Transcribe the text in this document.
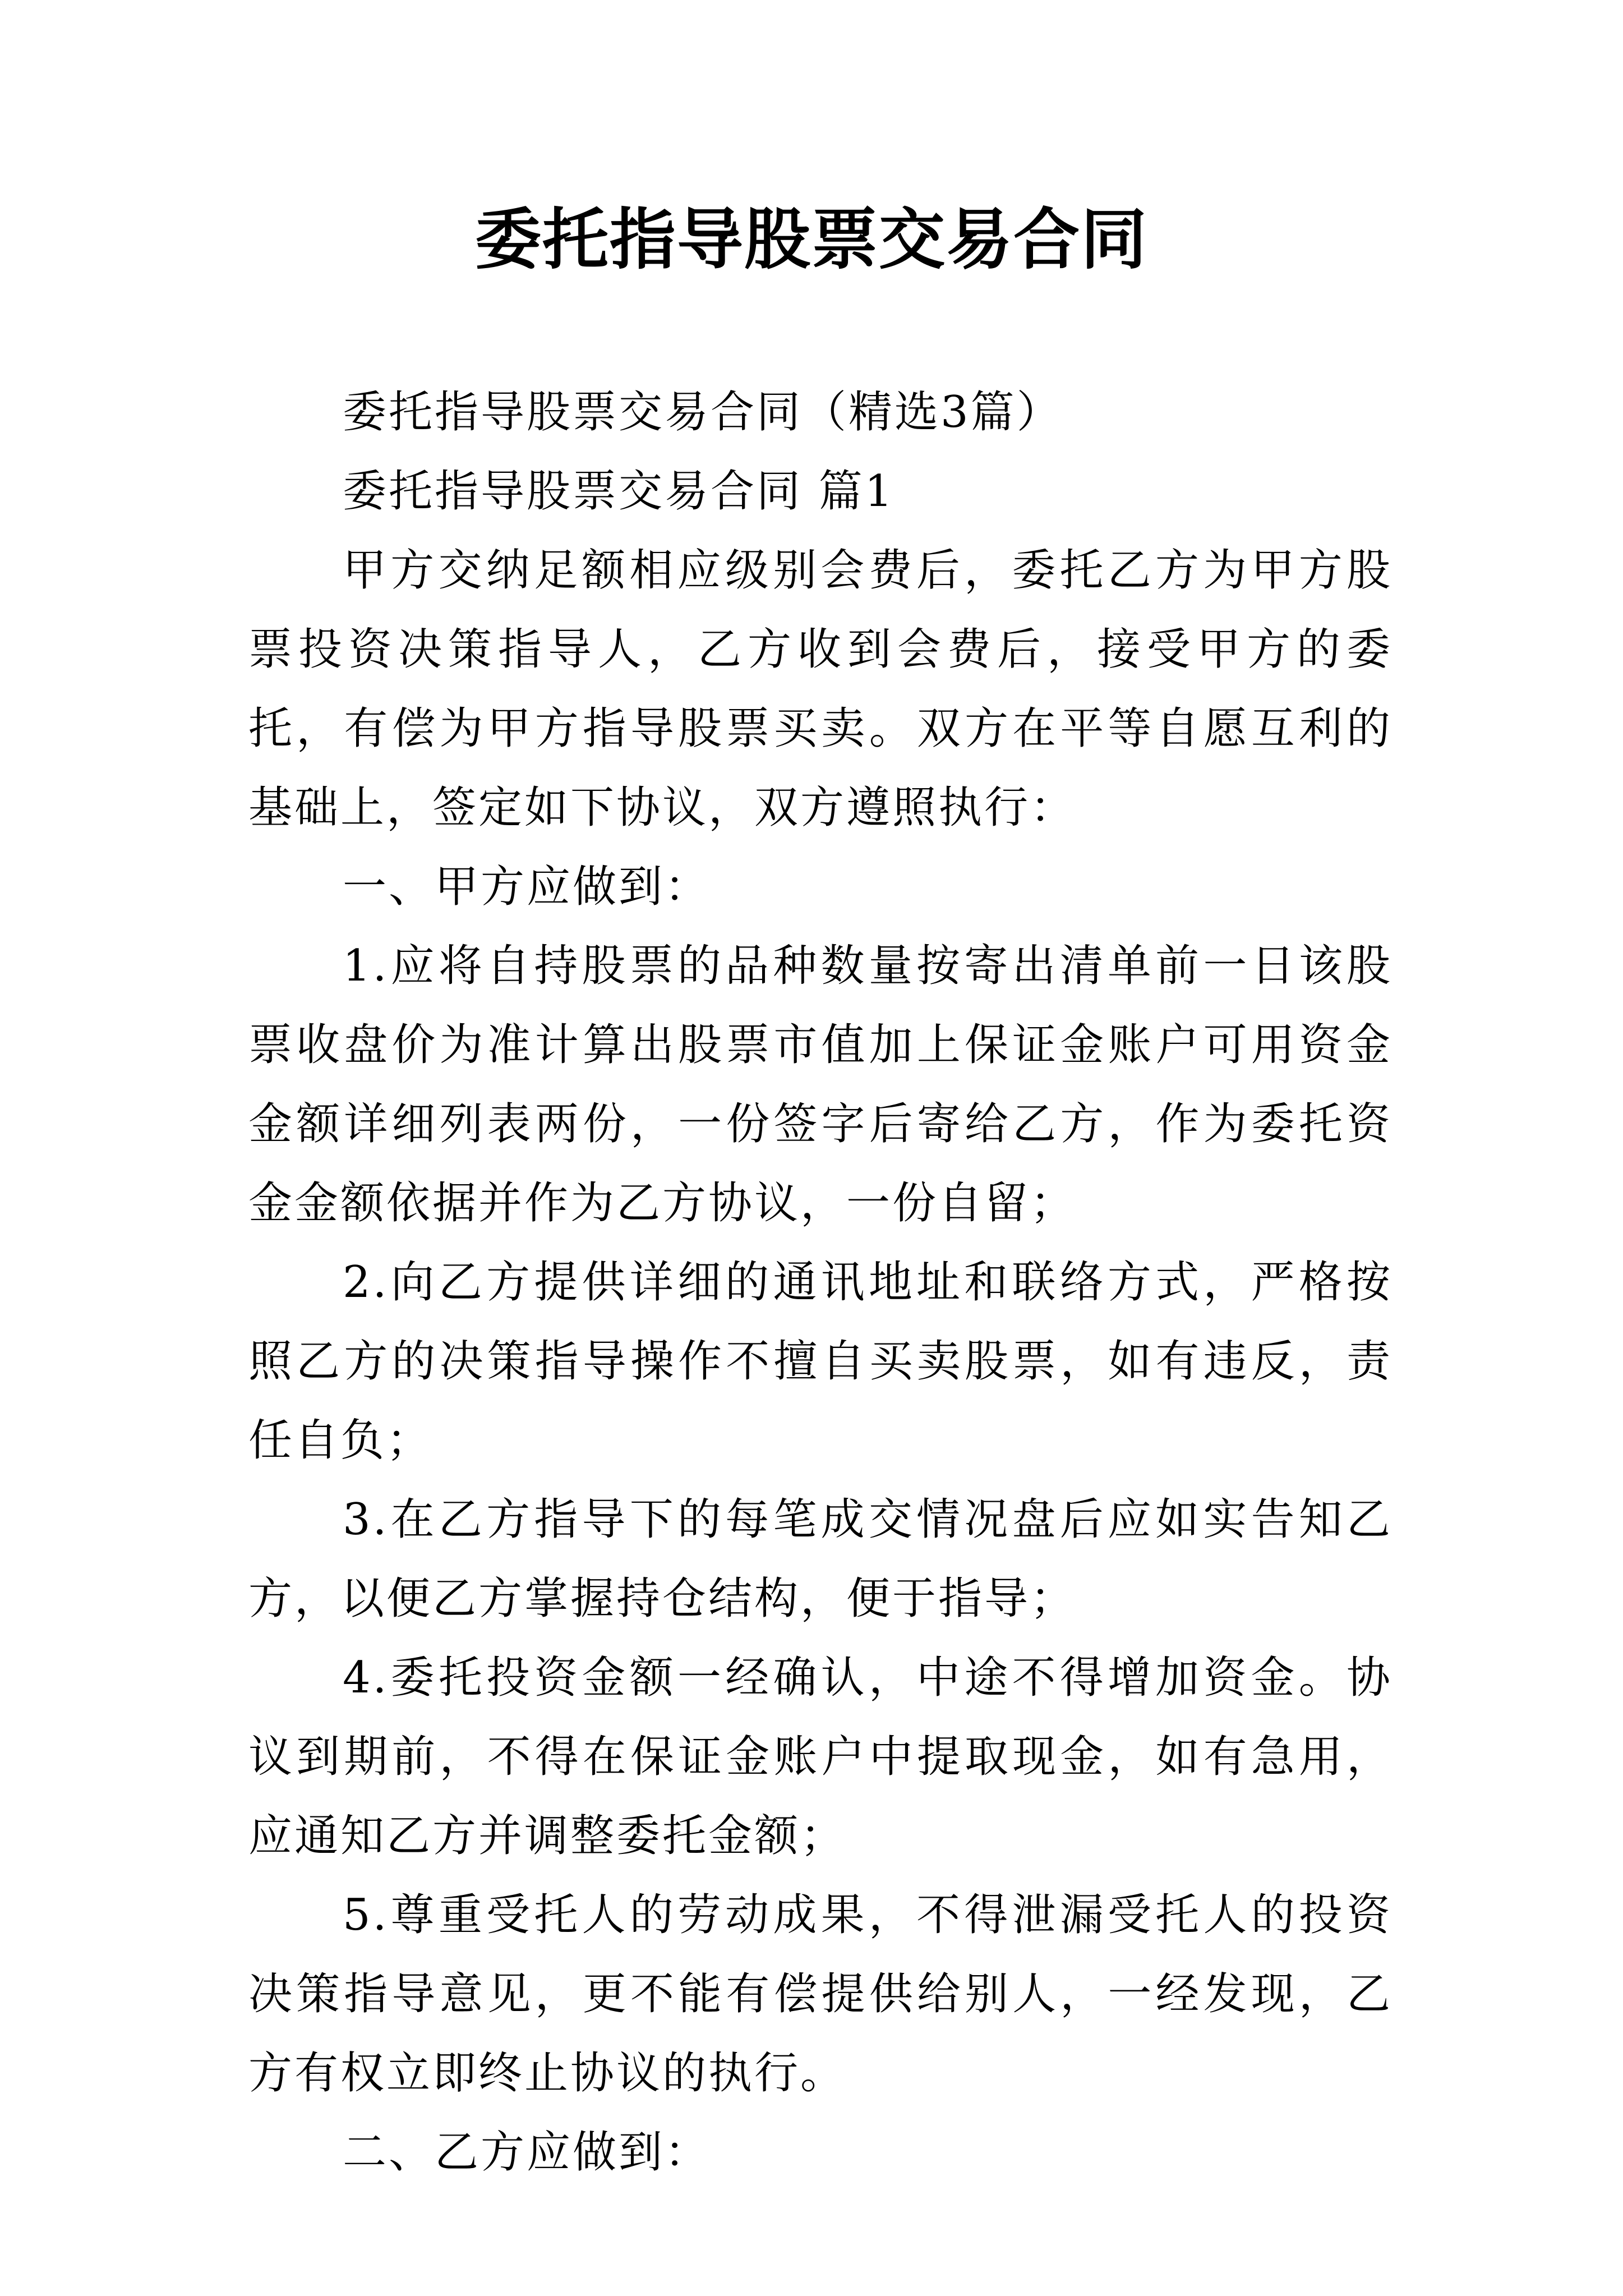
委托指导股票交易合同

委托指导股票交易合同（精选3篇）

委托指导股票交易合同 篇1

甲方交纳足额相应级别会费后，委托乙方为甲方股票投资决策指导人，乙方收到会费后，接受甲方的委托，有偿为甲方指导股票买卖。双方在平等自愿互利的基础上，签定如下协议，双方遵照执行：

一、甲方应做到：

1.应将自持股票的品种数量按寄出清单前一日该股票收盘价为准计算出股票市值加上保证金账户可用资金金额详细列表两份，一份签字后寄给乙方，作为委托资金金额依据并作为乙方协议，一份自留；

2.向乙方提供详细的通讯地址和联络方式，严格按照乙方的决策指导操作不擅自买卖股票，如有违反，责任自负；

3.在乙方指导下的每笔成交情况盘后应如实告知乙方，以便乙方掌握持仓结构，便于指导；

4.委托投资金额一经确认，中途不得增加资金。协议到期前，不得在保证金账户中提取现金，如有急用，应通知乙方并调整委托金额；

5.尊重受托人的劳动成果，不得泄漏受托人的投资决策指导意见，更不能有偿提供给别人，一经发现，乙方有权立即终止协议的执行。

二、乙方应做到：
